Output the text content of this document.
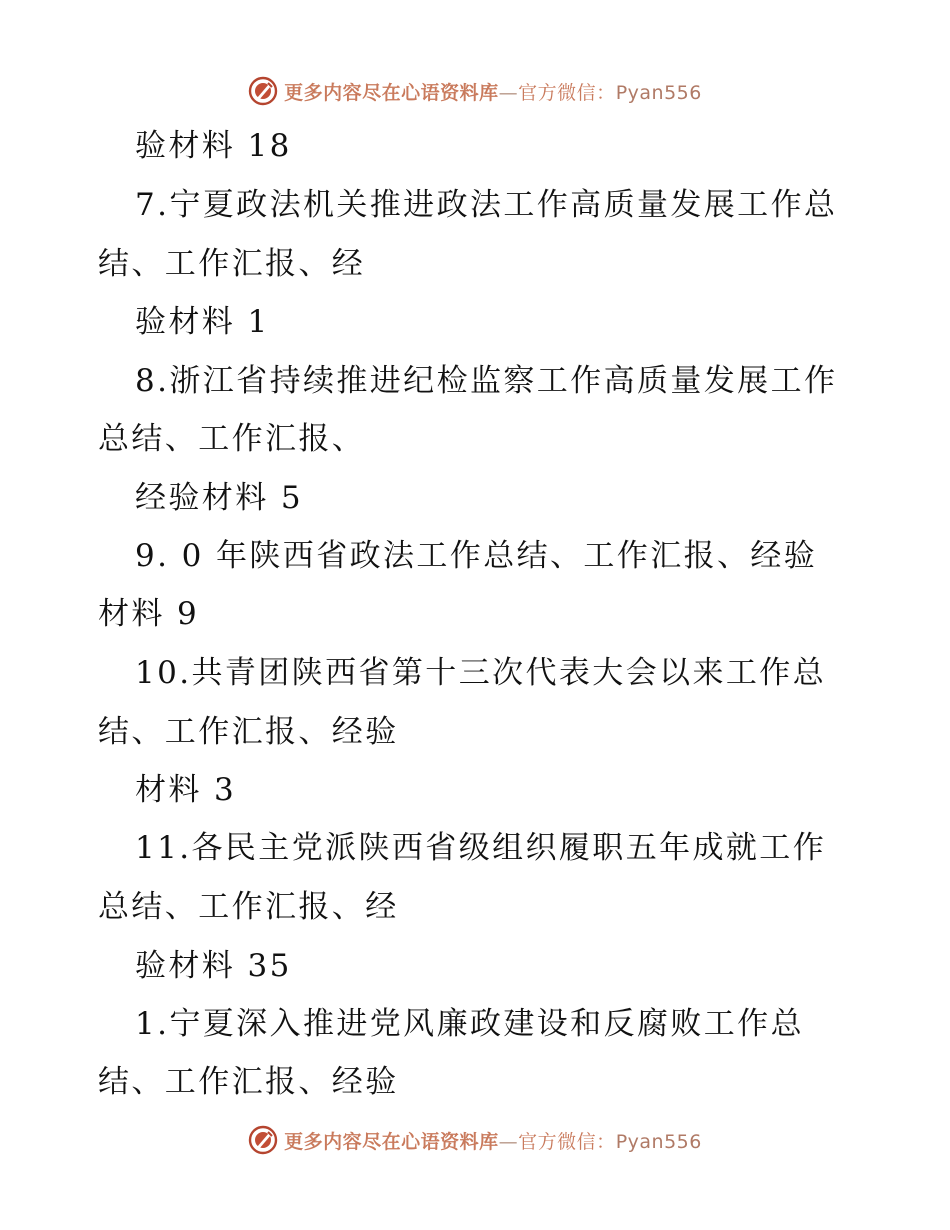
更多内容尽在心语资料库—官方微信：Pyan556
验材料 18
7.宁夏政法机关推进政法工作高质量发展工作总
结、工作汇报、经
验材料 1
8.浙江省持续推进纪检监察工作高质量发展工作
总结、工作汇报、
经验材料 5
9. 0 年陕西省政法工作总结、工作汇报、经验
材料 9
10.共青团陕西省第十三次代表大会以来工作总
结、工作汇报、经验
材料 3
11.各民主党派陕西省级组织履职五年成就工作
总结、工作汇报、经
验材料 35
1.宁夏深入推进党风廉政建设和反腐败工作总
结、工作汇报、经验
更多内容尽在心语资料库—官方微信：Pyan556
